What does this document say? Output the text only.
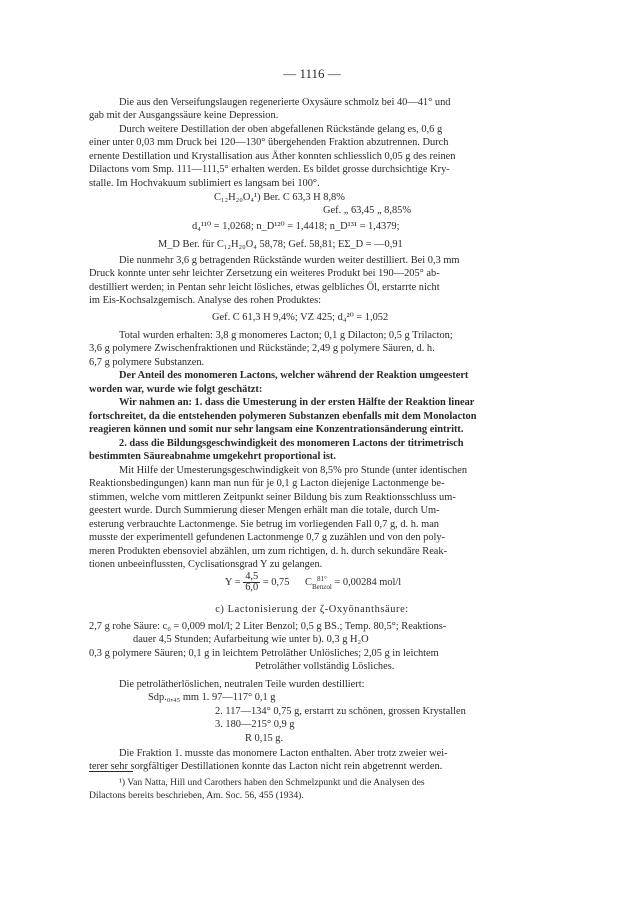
— 1116 —
Die aus den Verseifungslaugen regenerierte Oxysäure schmolz bei 40—41° und
gab mit der Ausgangssäure keine Depression.
Durch weitere Destillation der oben abgefallenen Rückstände gelang es, 0,6 g
einer unter 0,03 mm Druck bei 120—130° übergehenden Fraktion abzutrennen. Durch
ernente Destillation und Krystallisation aus Äther konnten schliesslich 0,05 g des reinen
Dilactons vom Smp. 111—111,5° erhalten werden. Es bildet grosse durchsichtige Kry-
stalle. Im Hochvakuum sublimiert es langsam bei 100°.
C₁₂H₂₀O₄¹) Ber. C 63,3 H 8,8%
Gef. „ 63,45 „ 8,85%
d₄¹¹⁰ = 1,0268; n_D¹²⁰ = 1,4418; n_D¹³¹ = 1,4379;
M_D Ber. für C₁₂H₂₀O₄ 58,78; Gef. 58,81; EΣ_D = —0,91
Die nunmehr 3,6 g betragenden Rückstände wurden weiter destilliert. Bei 0,3 mm
Druck konnte unter sehr leichter Zersetzung ein weiteres Produkt bei 190—205° ab-
destilliert werden; in Pentan sehr leicht lösliches, etwas gelbliches Öl, erstarrte nicht
im Eis-Kochsalzgemisch. Analyse des rohen Produktes:
Gef. C 61,3 H 9,4%; VZ 425; d₄²⁰ = 1,052
Total wurden erhalten: 3,8 g monomeres Lacton; 0,1 g Dilacton; 0,5 g Trilacton;
3,6 g polymere Zwischenfraktionen und Rückstände; 2,49 g polymere Säuren, d. h.
6,7 g polymere Substanzen.
Der Anteil des monomeren Lactons, welcher während der Reaktion umgeestert
worden war, wurde wie folgt geschätzt:
Wir nahmen an: 1. dass die Umesterung in der ersten Hälfte der Reaktion linear
fortschreitet, da die entstehenden polymeren Substanzen ebenfalls mit dem Monolacton
reagieren können und somit nur sehr langsam eine Konzentrationsänderung eintritt.
2. dass die Bildungsgeschwindigkeit des monomeren Lactons der titrimetrisch
bestimmten Säureabnahme umgekehrt proportional ist.
Mit Hilfe der Umesterungsgeschwindigkeit von 8,5% pro Stunde (unter identischen
Reaktionsbedingungen) kann man nun für je 0,1 g Lacton diejenige Lactonmenge be-
stimmen, welche vom mittleren Zeitpunkt seiner Bildung bis zum Reaktionsschluss um-
geestert wurde. Durch Summierung dieser Mengen erhält man die totale, durch Um-
esterung verbrauchte Lactonmenge. Sie betrug im vorliegenden Fall 0,7 g, d. h. man
musste der experimentell gefundenen Lactonmenge 0,7 g zuzählen und von den poly-
meren Produkten ebensoviel abzählen, um zum richtigen, d. h. durch sekundäre Reak-
tionen unbeeinflussten, Cyclisationsgrad Y zu gelangen.
$Y = \frac{4,5}{6,0} = 0,75$ C 81°
Benzol = 0,00284 mol/l
c) Lactonisierung der ζ-Oxyönanthsäure:
2,7 g rohe Säure: c₀ = 0,009 mol/l; 2 Liter Benzol; 0,5 g BS.; Temp. 80,5°; Reaktions-
dauer 4,5 Stunden; Aufarbeitung wie unter b). 0,3 g H₂O
0,3 g polymere Säuren; 0,1 g in leichtem Petroläther Unlösliches; 2,05 g in leichtem
Petroläther vollständig Lösliches.
Die petrolätherlöslichen, neutralen Teile wurden destilliert:
Sdp.₀,₄₅ mm 1. 97—117° 0,1 g
2. 117—134° 0,75 g, erstarrt zu schönen, grossen Krystallen
3. 180—215° 0,9 g
R 0,15 g.
Die Fraktion 1. musste das monomere Lacton enthalten. Aber trotz zweier wei-
terer sehr sorgfältiger Destillationen konnte das Lacton nicht rein abgetrennt werden.
¹) Van Natta, Hill und Carothers haben den Schmelzpunkt und die Analysen des
Dilactons bereits beschrieben, Am. Soc. 56, 455 (1934).
